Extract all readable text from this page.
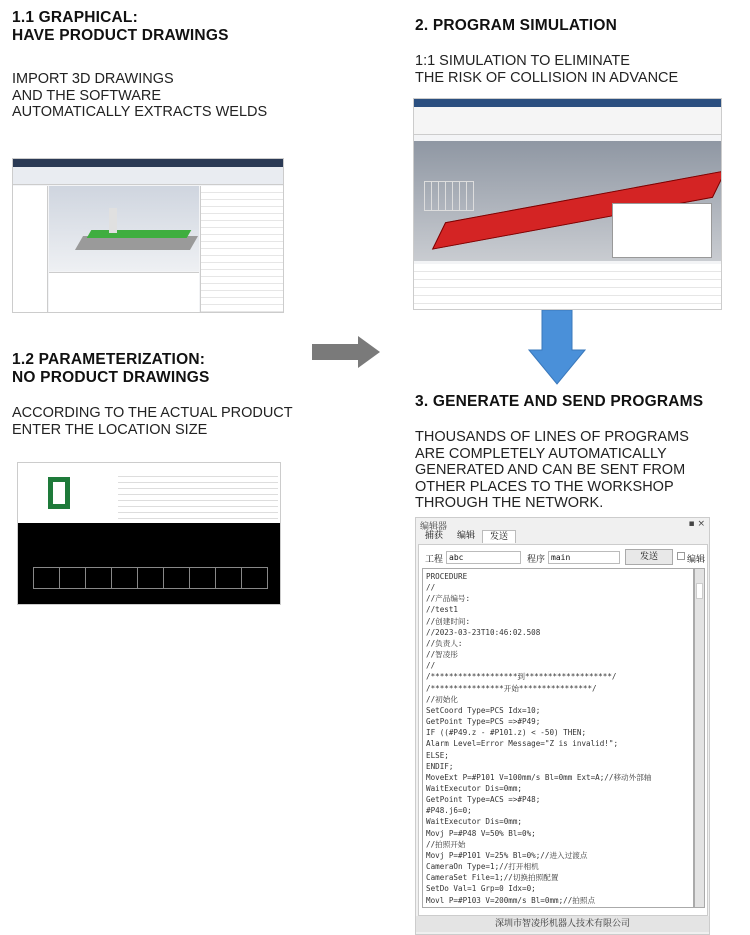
1.1 GRAPHICAL:
HAVE PRODUCT DRAWINGS
IMPORT 3D DRAWINGS
AND THE SOFTWARE
AUTOMATICALLY EXTRACTS WELDS
1.2 PARAMETERIZATION:
NO PRODUCT DRAWINGS
ACCORDING TO THE ACTUAL PRODUCT
ENTER THE LOCATION SIZE
2. PROGRAM SIMULATION
1:1 SIMULATION TO ELIMINATE
THE RISK OF COLLISION IN ADVANCE
3. GENERATE AND SEND PROGRAMS
THOUSANDS OF LINES OF PROGRAMS
ARE COMPLETELY AUTOMATICALLY
GENERATED AND CAN BE SENT FROM
OTHER PLACES TO THE WORKSHOP
THROUGH THE NETWORK.
编辑器	▪ ×
捕获 编辑 发送
工程 abc	程序 main	发送	编辑
PROCEDURE
//
//产品编号:
//test1
//创建时间:
//2023-03-23T10:46:02.508
//负责人:
//智凌彤
//
/*******************到*******************/
/****************开始****************/
//初始化
SetCoord Type=PCS Idx=10;
GetPoint Type=PCS =>#P49;
IF ((#P49.z - #P101.z) < -50) THEN;
Alarm Level=Error Message="Z is invalid!";
ELSE;
ENDIF;
MoveExt P=#P101 V=100mm/s Bl=0mm Ext=A;//移动外部轴
WaitExecutor Dis=0mm;
GetPoint Type=ACS =>#P48;
#P48.j6=0;
WaitExecutor Dis=0mm;
Movj P=#P48 V=50% Bl=0%;
//拍照开始
Movj P=#P101 V=25% Bl=0%;//进入过渡点
CameraOn Type=1;//打开相机
CameraSet File=1;//切换拍照配置
SetDo Val=1 Grp=0 Idx=0;
Movl P=#P103 V=200mm/s Bl=0mm;//拍照点

深圳市智凌彤机器人技术有限公司
